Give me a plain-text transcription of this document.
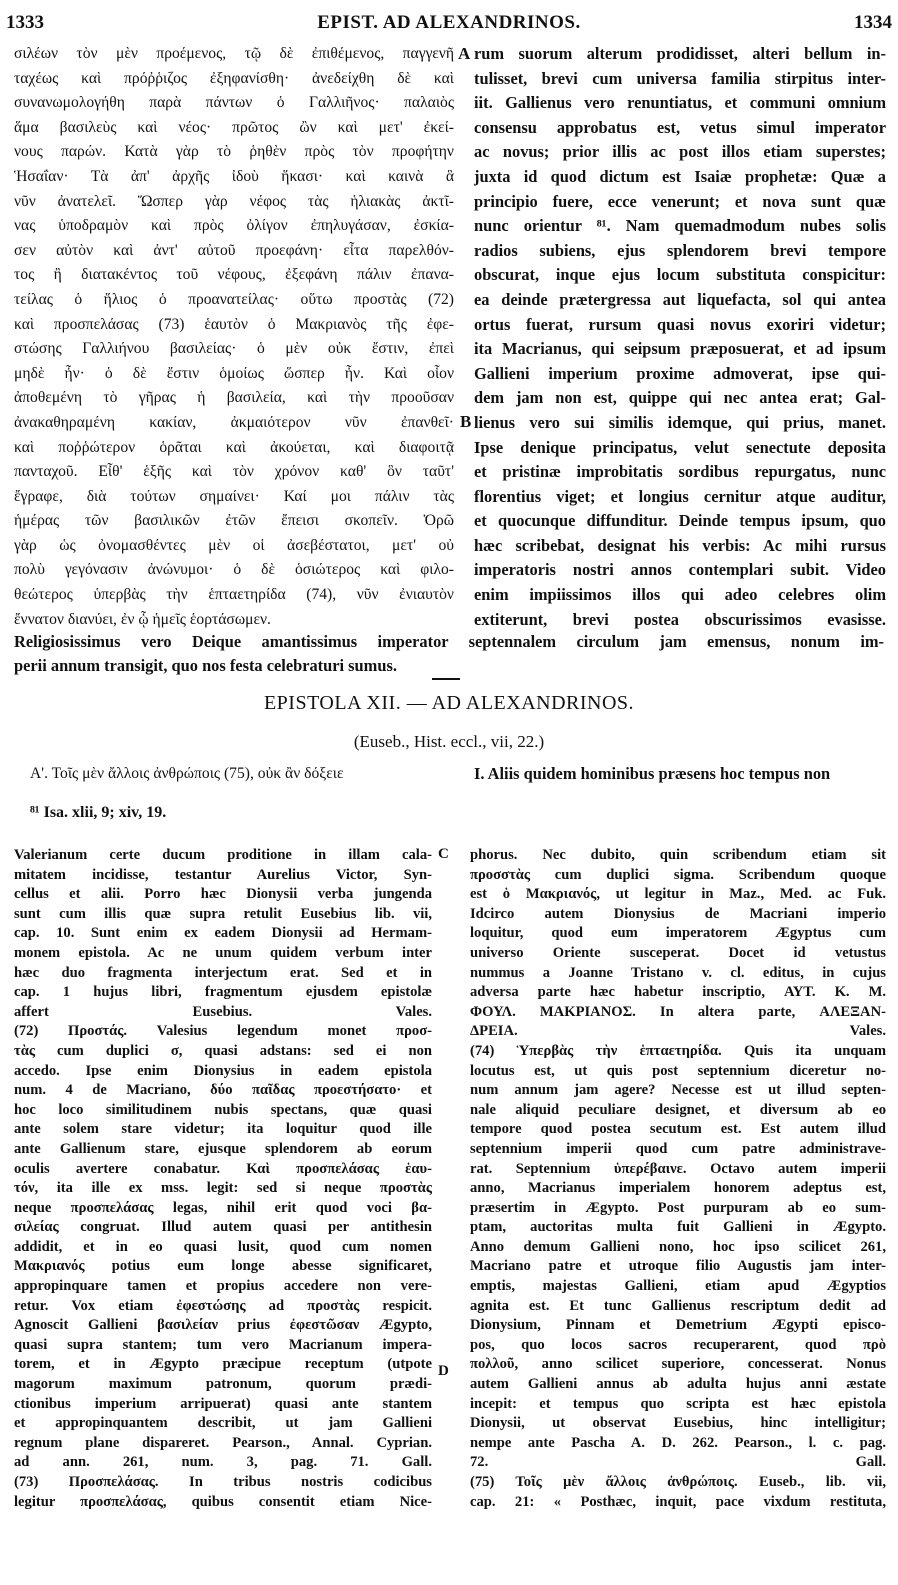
1333	EPIST. AD ALEXANDRINOS.	1334
σιλέων τὸν μὲν προέμενος, τῷ δὲ ἐπιθέμενος, παγγενῆ
ταχέως καὶ πρόῤῥιζος ἐξηφανίσθη· ἀνεδείχθη δὲ καὶ
συνανωμολογήθη παρὰ πάντων ὁ Γαλλιῆνος· παλαιὸς
ἅμα βασιλεὺς καὶ νέος· πρῶτος ὢν καὶ μετ' ἐκεί-
νους παρών. Κατὰ γὰρ τὸ ῥηθὲν πρὸς τὸν προφήτην
Ἡσαΐαν· Τὰ ἀπ' ἀρχῆς ἰδοὺ ἥκασι· καὶ καινὰ ἃ
νῦν ἀνατελεῖ. Ὥσπερ γὰρ νέφος τὰς ἡλιακὰς ἀκτῖ-
νας ὑποδραμὸν καὶ πρὸς ὀλίγον ἐπηλυγάσαν, ἐσκία-
σεν αὐτὸν καὶ ἀντ' αὐτοῦ προεφάνη· εἶτα παρελθόν-
τος ἢ διατακέντος τοῦ νέφους, ἐξεφάνη πάλιν ἐπανα-
τείλας ὁ ἥλιος ὁ προανατείλας· οὕτω προστὰς (72)
καὶ προσπελάσας (73) ἑαυτὸν ὁ Μακριανὸς τῆς ἐφε-
στώσης Γαλλιήνου βασιλείας· ὁ μὲν οὐκ ἔστιν, ἐπεὶ
μηδὲ ἦν· ὁ δὲ ἔστιν ὁμοίως ὥσπερ ἦν. Καὶ οἷον
ἀποθεμένη τὸ γῆρας ἡ βασιλεία, καὶ τὴν προοῦσαν
ἀνακαθηραμένη κακίαν, ἀκμαιότερον νῦν ἐπανθεῖ·
καὶ ποῤῥώτερον ὁρᾶται καὶ ἀκούεται, καὶ διαφοιτᾷ
πανταχοῦ. Εἶθ' ἑξῆς καὶ τὸν χρόνον καθ' ὃν ταῦτ'
ἔγραφε, διὰ τούτων σημαίνει· Καί μοι πάλιν τὰς
ἡμέρας τῶν βασιλικῶν ἐτῶν ἔπεισι σκοπεῖν. Ὁρῶ
γὰρ ὡς ὀνομασθέντες μὲν οἱ ἀσεβέστατοι, μετ' οὐ
πολὺ γεγόνασιν ἀνώνυμοι· ὁ δὲ ὁσιώτερος καὶ φιλο-
θεώτερος ὑπερβὰς τὴν ἑπταετηρίδα (74), νῦν ἐνιαυτὸν
ἔννατον διανύει, ἐν ᾧ ἡμεῖς ἑορτάσωμεν.
rum suorum alterum prodidisset, alteri bellum in-
tulisset, brevi cum universa familia stirpitus inter-
iit. Gallienus vero renuntiatus, et communi omnium
consensu approbatus est, vetus simul imperator
ac novus; prior illis ac post illos etiam superstes;
juxta id quod dictum est Isaiæ prophetæ: Quæ a
principio fuere, ecce venerunt; et nova sunt quæ
nunc orientur ⁸¹. Nam quemadmodum nubes solis
radios subiens, ejus splendorem brevi tempore
obscurat, inque ejus locum substituta conspicitur:
ea deinde prætergressa aut liquefacta, sol qui antea
ortus fuerat, rursum quasi novus exoriri videtur;
ita Macrianus, qui seipsum præposuerat, et ad ipsum
Gallieni imperium proxime admoverat, ipse qui-
dem jam non est, quippe qui nec antea erat; Gal-
lienus vero sui similis idemque, qui prius, manet.
Ipse denique principatus, velut senectute deposita
et pristinæ improbitatis sordibus repurgatus, nunc
florentius viget; et longius cernitur atque auditur,
et quocunque diffunditur. Deinde tempus ipsum, quo
hæc scribebat, designat his verbis: Ac mihi rursus
imperatoris nostri annos contemplari subit. Video
enim impiissimos illos qui adeo celebres olim
extiterunt, brevi postea obscurissimos evasisse.
A
B
Religiosissimus vero Deique amantissimus imperator septennalem circulum jam emensus, nonum im-
perii annum transigit, quo nos festa celebraturi sumus.
EPISTOLA XII. — AD ALEXANDRINOS.
(Euseb., Hist. eccl., vii, 22.)
Α'. Τοῖς μὲν ἄλλοις ἀνθρώποις (75), οὐκ ἂν δόξειε	I. Aliis quidem hominibus præsens hoc tempus non
⁸¹ Isa. xlii, 9; xiv, 19.
Valerianum certe ducum proditione in illam cala-
mitatem incidisse, testantur Aurelius Victor, Syn-
cellus et alii. Porro hæc Dionysii verba jungenda
sunt cum illis quæ supra retulit Eusebius lib. vii,
cap. 10. Sunt enim ex eadem Dionysii ad Hermam-
monem epistola. Ac ne unum quidem verbum inter
hæc duo fragmenta interjectum erat. Sed et in
cap. 1 hujus libri, fragmentum ejusdem epistolæ
affert Eusebius. Vales.
(72) Προστάς. Valesius legendum monet προσ-
τὰς cum duplici σ, quasi adstans: sed ei non
accedo. Ipse enim Dionysius in eadem epistola
num. 4 de Macriano, δύο παῖδας προεστήσατο· et
hoc loco similitudinem nubis spectans, quæ quasi
ante solem stare videtur; ita loquitur quod ille
ante Gallienum stare, ejusque splendorem ab eorum
oculis avertere conabatur. Καὶ προσπελάσας ἑαυ-
τόν, ita ille ex mss. legit: sed si neque προστὰς
neque προσπελάσας legas, nihil erit quod voci βα-
σιλείας congruat. Illud autem quasi per antithesin
addidit, et in eo quasi lusit, quod cum nomen
Μακριανός potius eum longe abesse significaret,
appropinquare tamen et propius accedere non vere-
retur. Vox etiam ἐφεστώσης ad προστὰς respicit.
Agnoscit Gallieni βασιλείαν prius ἐφεστῶσαν Ægypto,
quasi supra stantem; tum vero Macrianum impera-
torem, et in Ægypto præcipue receptum (utpote
magorum maximum patronum, quorum prædi-
ctionibus imperium arripuerat) quasi ante stantem
et appropinquantem describit, ut jam Gallieni
regnum plane dispareret. Pearson., Annal. Cyprian.
ad ann. 261, num. 3, pag. 71. Gall.
(73) Προσπελάσας. In tribus nostris codicibus
legitur προσπελάσας, quibus consentit etiam Nice-
phorus. Nec dubito, quin scribendum etiam sit
προσστὰς cum duplici sigma. Scribendum quoque
est ὁ Μακριανός, ut legitur in Maz., Med. ac Fuk.
Idcirco autem Dionysius de Macriani imperio
loquitur, quod eum imperatorem Ægyptus cum
universo Oriente susceperat. Docet id vetustus
nummus a Joanne Tristano v. cl. editus, in cujus
adversa parte hæc habetur inscriptio, ΑΥΤ. Κ. Μ.
ΦΟΥΛ. ΜΑΚΡΙΑΝΟΣ. In altera parte, ΑΛΕΞΑΝ-
ΔΡΕΙΑ. Vales.
(74) Ὑπερβὰς τὴν ἑπταετηρίδα. Quis ita unquam
locutus est, ut quis post septennium diceretur no-
num annum jam agere? Necesse est ut illud septen-
nale aliquid peculiare designet, et diversum ab eo
tempore quod postea secutum est. Est autem illud
septennium imperii quod cum patre administrave-
rat. Septennium ὑπερέβαινε. Octavo autem imperii
anno, Macrianus imperialem honorem adeptus est,
præsertim in Ægypto. Post purpuram ab eo sum-
ptam, auctoritas multa fuit Gallieni in Ægypto.
Anno demum Gallieni nono, hoc ipso scilicet 261,
Macriano patre et utroque filio Augustis jam inter-
emptis, majestas Gallieni, etiam apud Ægyptios
agnita est. Et tunc Gallienus rescriptum dedit ad
Dionysium, Pinnam et Demetrium Ægypti episco-
pos, quo locos sacros recuperarent, quod πρὸ
πολλοῦ, anno scilicet superiore, concesserat. Nonus
autem Gallieni annus ab adulta hujus anni æstate
incepit: et tempus quo scripta est hæc epistola
Dionysii, ut observat Eusebius, hinc intelligitur;
nempe ante Pascha A. D. 262. Pearson., l. c. pag.
72. Gall.
(75) Τοῖς μὲν ἄλλοις ἀνθρώποις. Euseb., lib. vii,
cap. 21: « Posthæc, inquit, pace vixdum restituta,
C
D
